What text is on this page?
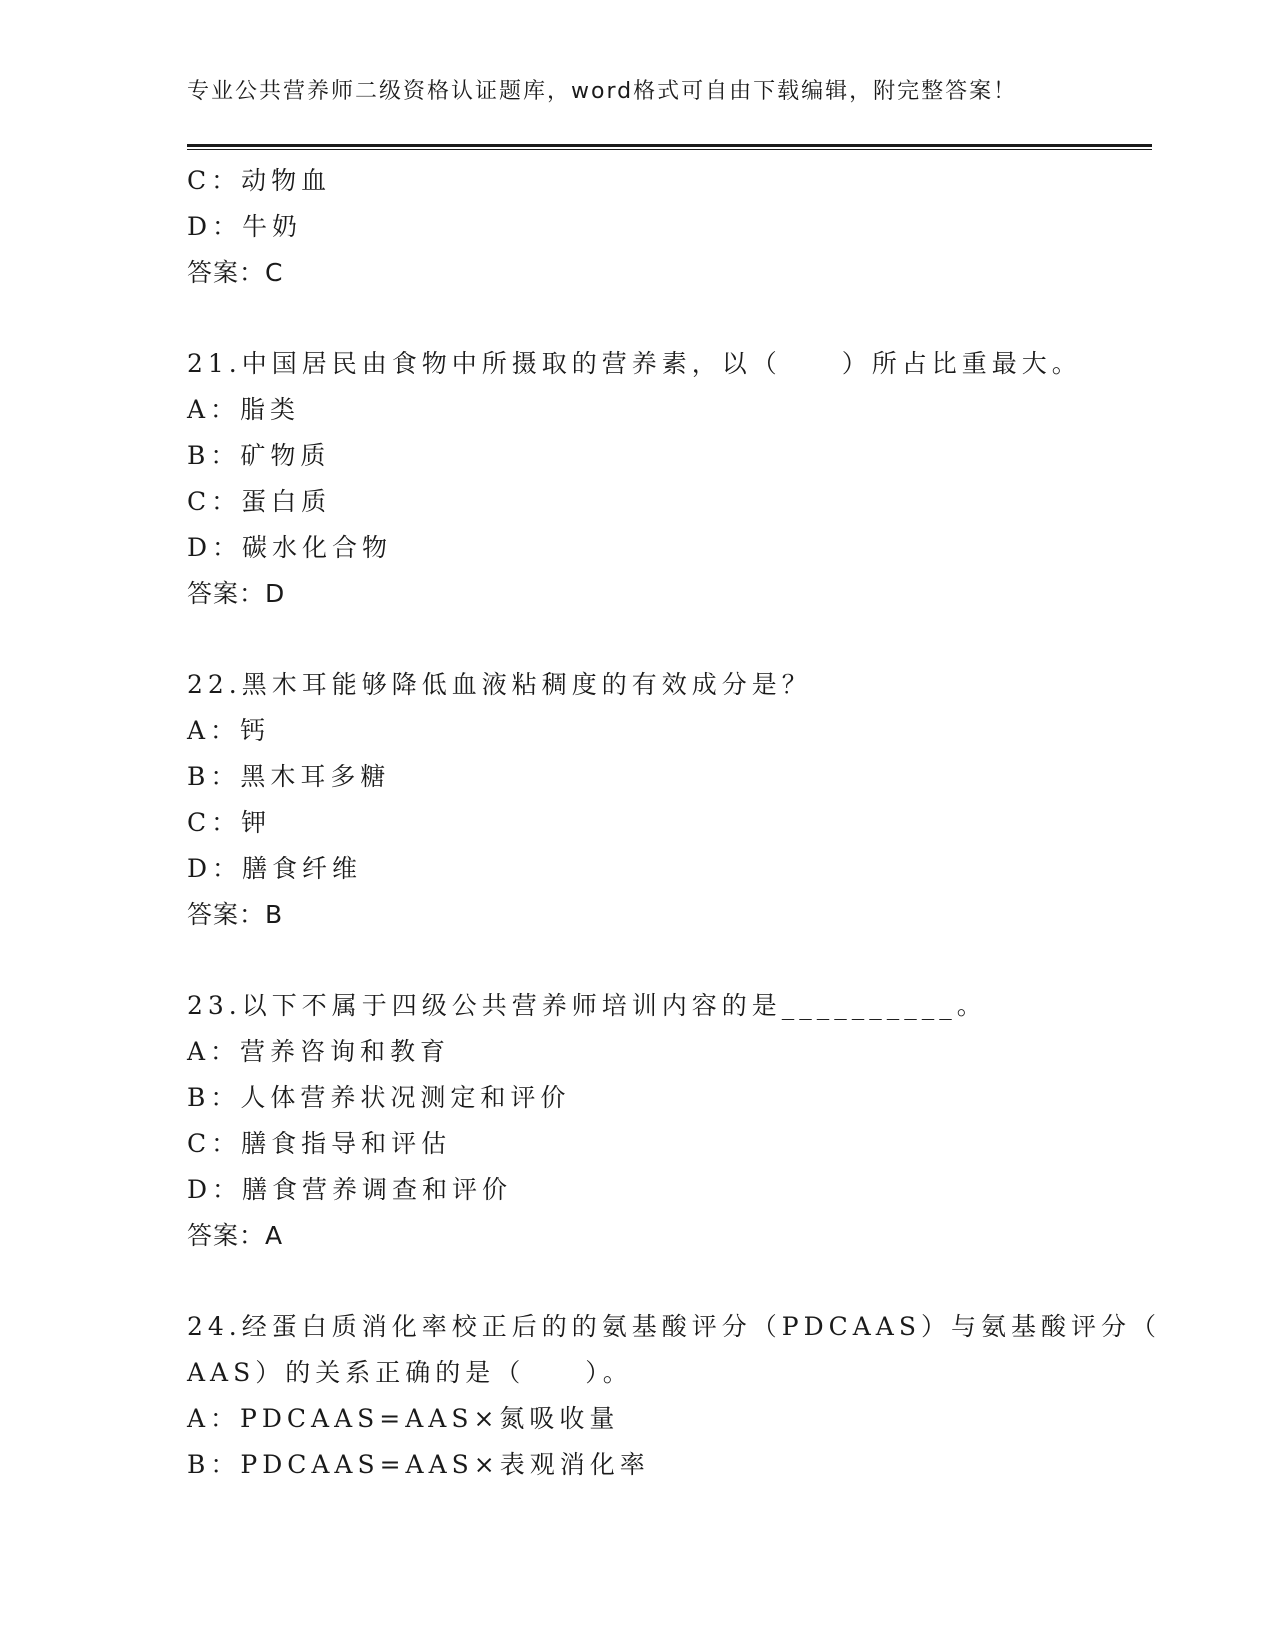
专业公共营养师二级资格认证题库，word格式可自由下载编辑，附完整答案！
C：动物血
D：牛奶
答案：C
21.中国居民由食物中所摄取的营养素，以（　　）所占比重最大。
A：脂类
B：矿物质
C：蛋白质
D：碳水化合物
答案：D
22.黑木耳能够降低血液粘稠度的有效成分是？
A：钙
B：黑木耳多糖
C：钾
D：膳食纤维
答案：B
23.以下不属于四级公共营养师培训内容的是__________。
A：营养咨询和教育
B：人体营养状况测定和评价
C：膳食指导和评估
D：膳食营养调查和评价
答案：A
24.经蛋白质消化率校正后的的氨基酸评分（PDCAAS）与氨基酸评分（
AAS）的关系正确的是（　　）。
A：PDCAAS=AAS×氮吸收量
B：PDCAAS=AAS×表观消化率
